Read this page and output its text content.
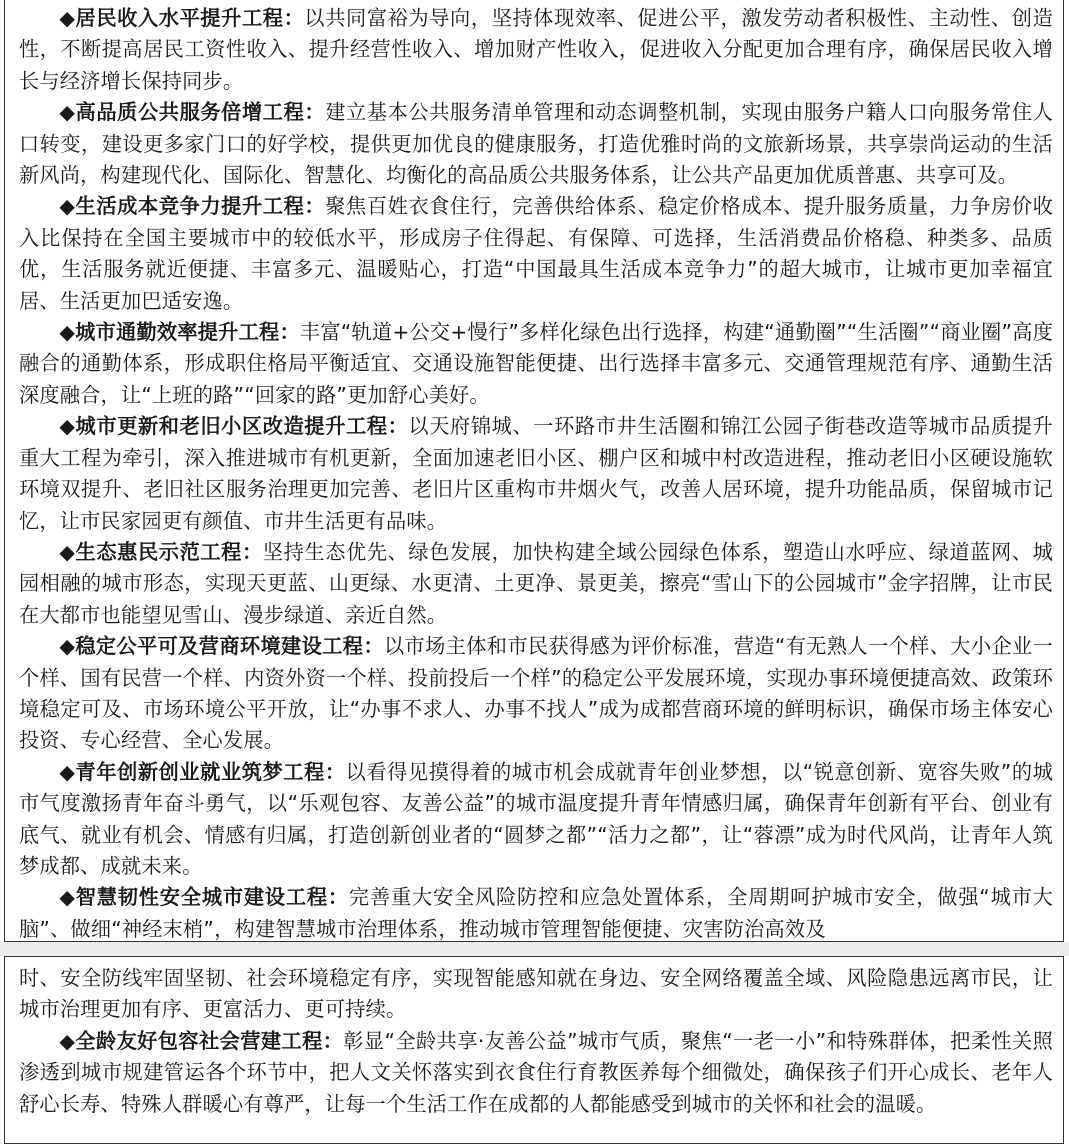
◆居民收入水平提升工程：以共同富裕为导向，坚持体现效率、促进公平，激发劳动者积极性、主动性、创造性，不断提高居民工资性收入、提升经营性收入、增加财产性收入，促进收入分配更加合理有序，确保居民收入增长与经济增长保持同步。

◆高品质公共服务倍增工程：建立基本公共服务清单管理和动态调整机制，实现由服务户籍人口向服务常住人口转变，建设更多家门口的好学校，提供更加优良的健康服务，打造优雅时尚的文旅新场景，共享崇尚运动的生活新风尚，构建现代化、国际化、智慧化、均衡化的高品质公共服务体系，让公共产品更加优质普惠、共享可及。

◆生活成本竞争力提升工程：聚焦百姓衣食住行，完善供给体系、稳定价格成本、提升服务质量，力争房价收入比保持在全国主要城市中的较低水平，形成房子住得起、有保障、可选择，生活消费品价格稳、种类多、品质优，生活服务就近便捷、丰富多元、温暖贴心，打造“中国最具生活成本竞争力”的超大城市，让城市更加幸福宜居、生活更加巴适安逸。

◆城市通勤效率提升工程：丰富“轨道+公交+慢行”多样化绿色出行选择，构建“通勤圈”“生活圈”“商业圈”高度融合的通勤体系，形成职住格局平衡适宜、交通设施智能便捷、出行选择丰富多元、交通管理规范有序、通勤生活深度融合，让“上班的路”“回家的路”更加舒心美好。

◆城市更新和老旧小区改造提升工程：以天府锦城、一环路市井生活圈和锦江公园子街巷改造等城市品质提升重大工程为牵引，深入推进城市有机更新，全面加速老旧小区、棚户区和城中村改造进程，推动老旧小区硬设施软环境双提升、老旧社区服务治理更加完善、老旧片区重构市井烟火气，改善人居环境，提升功能品质，保留城市记忆，让市民家园更有颜值、市井生活更有品味。

◆生态惠民示范工程：坚持生态优先、绿色发展，加快构建全域公园绿色体系，塑造山水呼应、绿道蓝网、城园相融的城市形态，实现天更蓝、山更绿、水更清、土更净、景更美，擦亮“雪山下的公园城市”金字招牌，让市民在大都市也能望见雪山、漫步绿道、亲近自然。

◆稳定公平可及营商环境建设工程：以市场主体和市民获得感为评价标准，营造“有无熟人一个样、大小企业一个样、国有民营一个样、内资外资一个样、投前投后一个样”的稳定公平发展环境，实现办事环境便捷高效、政策环境稳定可及、市场环境公平开放，让“办事不求人、办事不找人”成为成都营商环境的鲜明标识，确保市场主体安心投资、专心经营、全心发展。

◆青年创新创业就业筑梦工程：以看得见摸得着的城市机会成就青年创业梦想，以“锐意创新、宽容失败”的城市气度激扬青年奋斗勇气，以“乐观包容、友善公益”的城市温度提升青年情感归属，确保青年创新有平台、创业有底气、就业有机会、情感有归属，打造创新创业者的“圆梦之都”“活力之都”，让“蓉漂”成为时代风尚，让青年人筑梦成都、成就未来。

◆智慧韧性安全城市建设工程：完善重大安全风险防控和应急处置体系，全周期呵护城市安全，做强“城市大脑”、做细“神经末梢”，构建智慧城市治理体系，推动城市管理智能便捷、灾害防治高效及

时、安全防线牢固坚韧、社会环境稳定有序，实现智能感知就在身边、安全网络覆盖全域、风险隐患远离市民，让城市治理更加有序、更富活力、更可持续。

◆全龄友好包容社会营建工程：彰显“全龄共享·友善公益”城市气质，聚焦“一老一小”和特殊群体，把柔性关照渗透到城市规建管运各个环节中，把人文关怀落实到衣食住行育教医养每个细微处，确保孩子们开心成长、老年人舒心长寿、特殊人群暖心有尊严，让每一个生活工作在成都的人都能感受到城市的关怀和社会的温暖。
